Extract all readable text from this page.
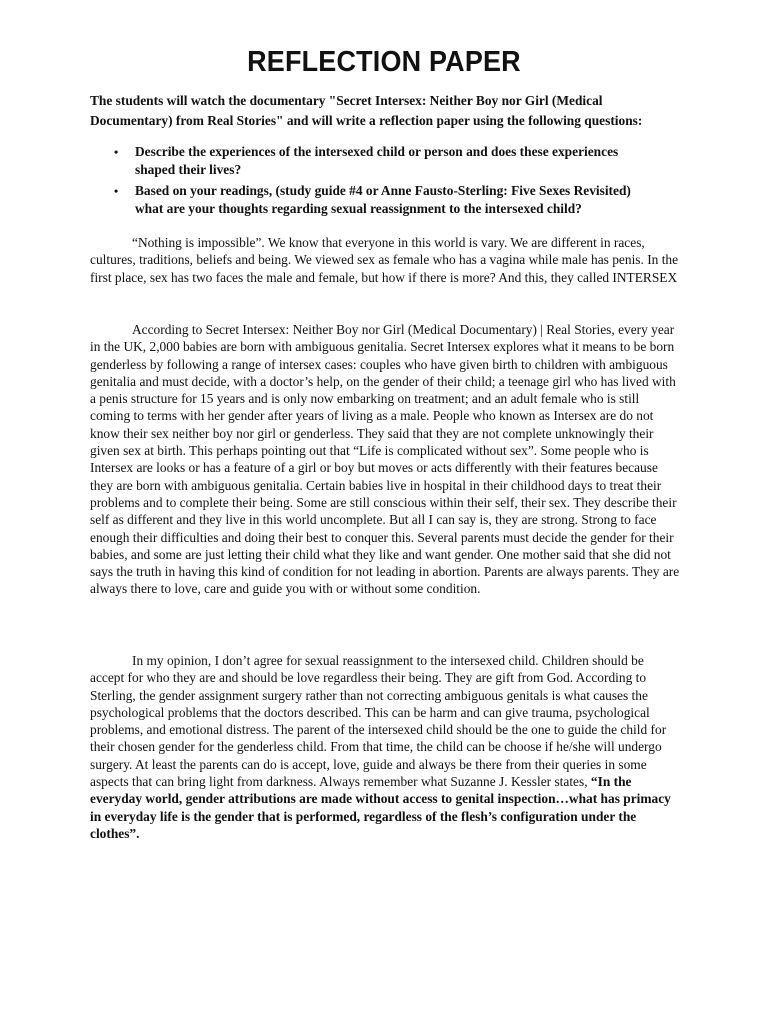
REFLECTION PAPER

The students will watch the documentary "Secret Intersex: Neither Boy nor Girl (Medical Documentary) from Real Stories" and will write a reflection paper using the following questions:

• Describe the experiences of the intersexed child or person and does these experiences shaped their lives?
• Based on your readings, (study guide #4 or Anne Fausto-Sterling: Five Sexes Revisited) what are your thoughts regarding sexual reassignment to the intersexed child?

“Nothing is impossible”. We know that everyone in this world is vary. We are different in races, cultures, traditions, beliefs and being. We viewed sex as female who has a vagina while male has penis. In the first place, sex has two faces the male and female, but how if there is more? And this, they called INTERSEX

According to Secret Intersex: Neither Boy nor Girl (Medical Documentary) | Real Stories, every year in the UK, 2,000 babies are born with ambiguous genitalia. Secret Intersex explores what it means to be born genderless by following a range of intersex cases: couples who have given birth to children with ambiguous genitalia and must decide, with a doctor’s help, on the gender of their child; a teenage girl who has lived with a penis structure for 15 years and is only now embarking on treatment; and an adult female who is still coming to terms with her gender after years of living as a male. People who known as Intersex are do not know their sex neither boy nor girl or genderless. They said that they are not complete unknowingly their given sex at birth. This perhaps pointing out that “Life is complicated without sex”. Some people who is Intersex are looks or has a feature of a girl or boy but moves or acts differently with their features because they are born with ambiguous genitalia. Certain babies live in hospital in their childhood days to treat their problems and to complete their being. Some are still conscious within their self, their sex. They describe their self as different and they live in this world uncomplete. But all I can say is, they are strong. Strong to face enough their difficulties and doing their best to conquer this. Several parents must decide the gender for their babies, and some are just letting their child what they like and want gender. One mother said that she did not says the truth in having this kind of condition for not leading in abortion. Parents are always parents. They are always there to love, care and guide you with or without some condition.

In my opinion, I don’t agree for sexual reassignment to the intersexed child. Children should be accept for who they are and should be love regardless their being. They are gift from God. According to Sterling, the gender assignment surgery rather than not correcting ambiguous genitals is what causes the psychological problems that the doctors described. This can be harm and can give trauma, psychological problems, and emotional distress. The parent of the intersexed child should be the one to guide the child for their chosen gender for the genderless child. From that time, the child can be choose if he/she will undergo surgery. At least the parents can do is accept, love, guide and always be there from their queries in some aspects that can bring light from darkness. Always remember what Suzanne J. Kessler states, “In the everyday world, gender attributions are made without access to genital inspection…what has primacy in everyday life is the gender that is performed, regardless of the flesh’s configuration under the clothes”.
